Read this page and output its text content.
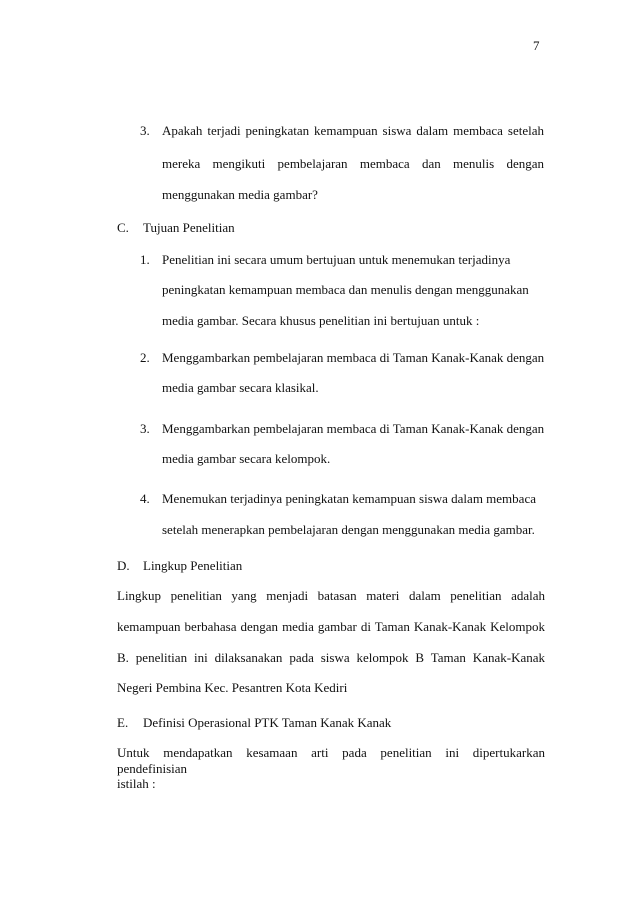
7
3. Apakah terjadi peningkatan kemampuan siswa dalam membaca setelah
mereka mengikuti pembelajaran membaca dan menulis dengan
menggunakan media gambar?
C. Tujuan Penelitian
1. Penelitian ini secara umum bertujuan untuk menemukan terjadinya
peningkatan kemampuan membaca dan menulis dengan menggunakan
media gambar. Secara khusus penelitian ini bertujuan untuk :
2. Menggambarkan pembelajaran membaca di Taman Kanak-Kanak dengan
media gambar secara klasikal.
3. Menggambarkan pembelajaran membaca di Taman Kanak-Kanak dengan
media gambar secara kelompok.
4. Menemukan terjadinya peningkatan kemampuan siswa dalam membaca
setelah menerapkan pembelajaran dengan menggunakan media gambar.
D. Lingkup Penelitian
Lingkup penelitian yang menjadi batasan materi dalam penelitian adalah
kemampuan berbahasa dengan media gambar di Taman Kanak-Kanak Kelompok
B. penelitian ini dilaksanakan pada siswa kelompok B Taman Kanak-Kanak
Negeri Pembina Kec. Pesantren Kota Kediri
E. Definisi Operasional PTK Taman Kanak Kanak
Untuk mendapatkan kesamaan arti pada penelitian ini dipertukarkan pendefinisian
istilah :
